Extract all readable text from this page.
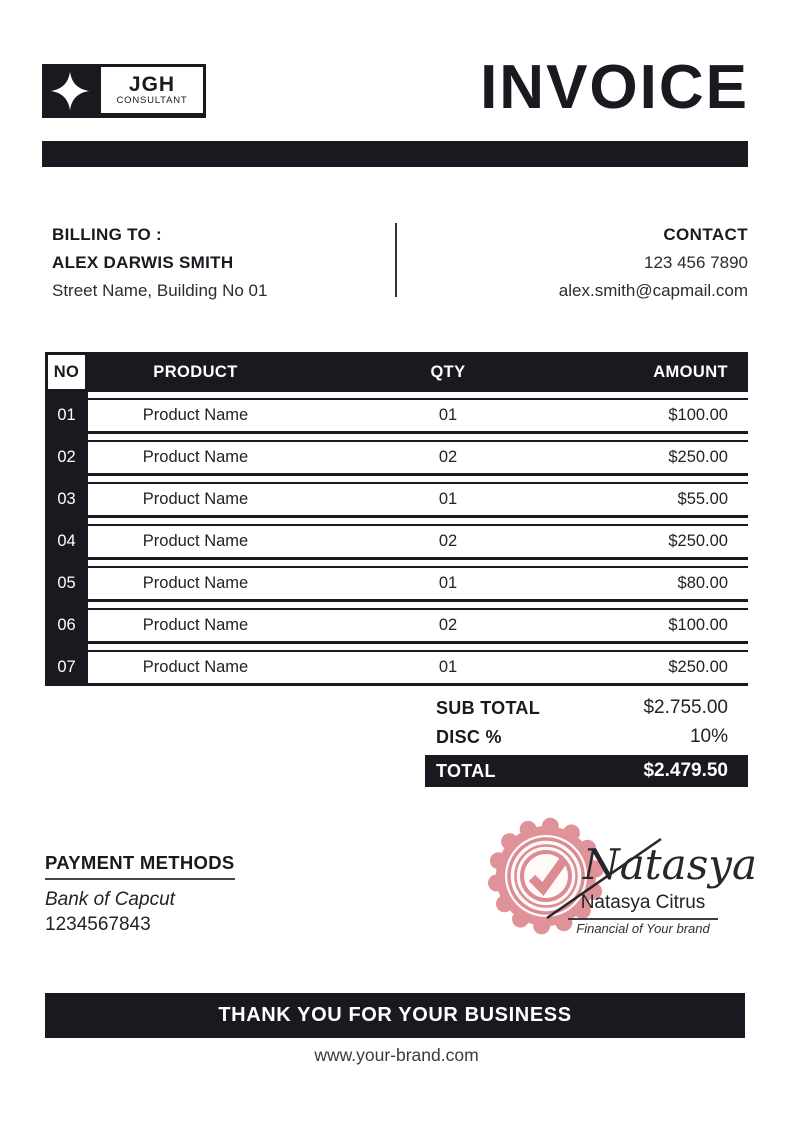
JGH
CONSULTANT	INVOICE
BILLING TO :
ALEX DARWIS SMITH
Street Name, Building No 01
CONTACT
123 456 7890
alex.smith@capmail.com
NO	PRODUCT	QTY	AMOUNT
01	Product Name	01	$100.00
02	Product Name	02	$250.00
03	Product Name	01	$55.00
04	Product Name	02	$250.00
05	Product Name	01	$80.00
06	Product Name	02	$100.00
07	Product Name	01	$250.00
SUB TOTAL	$2.755.00
DISC %	10%
TOTAL	$2.479.50
PAYMENT METHODS
Bank of Capcut
1234567843
Natasya
Natasya Citrus
Financial of Your brand
THANK YOU FOR YOUR BUSINESS
www.your-brand.com
